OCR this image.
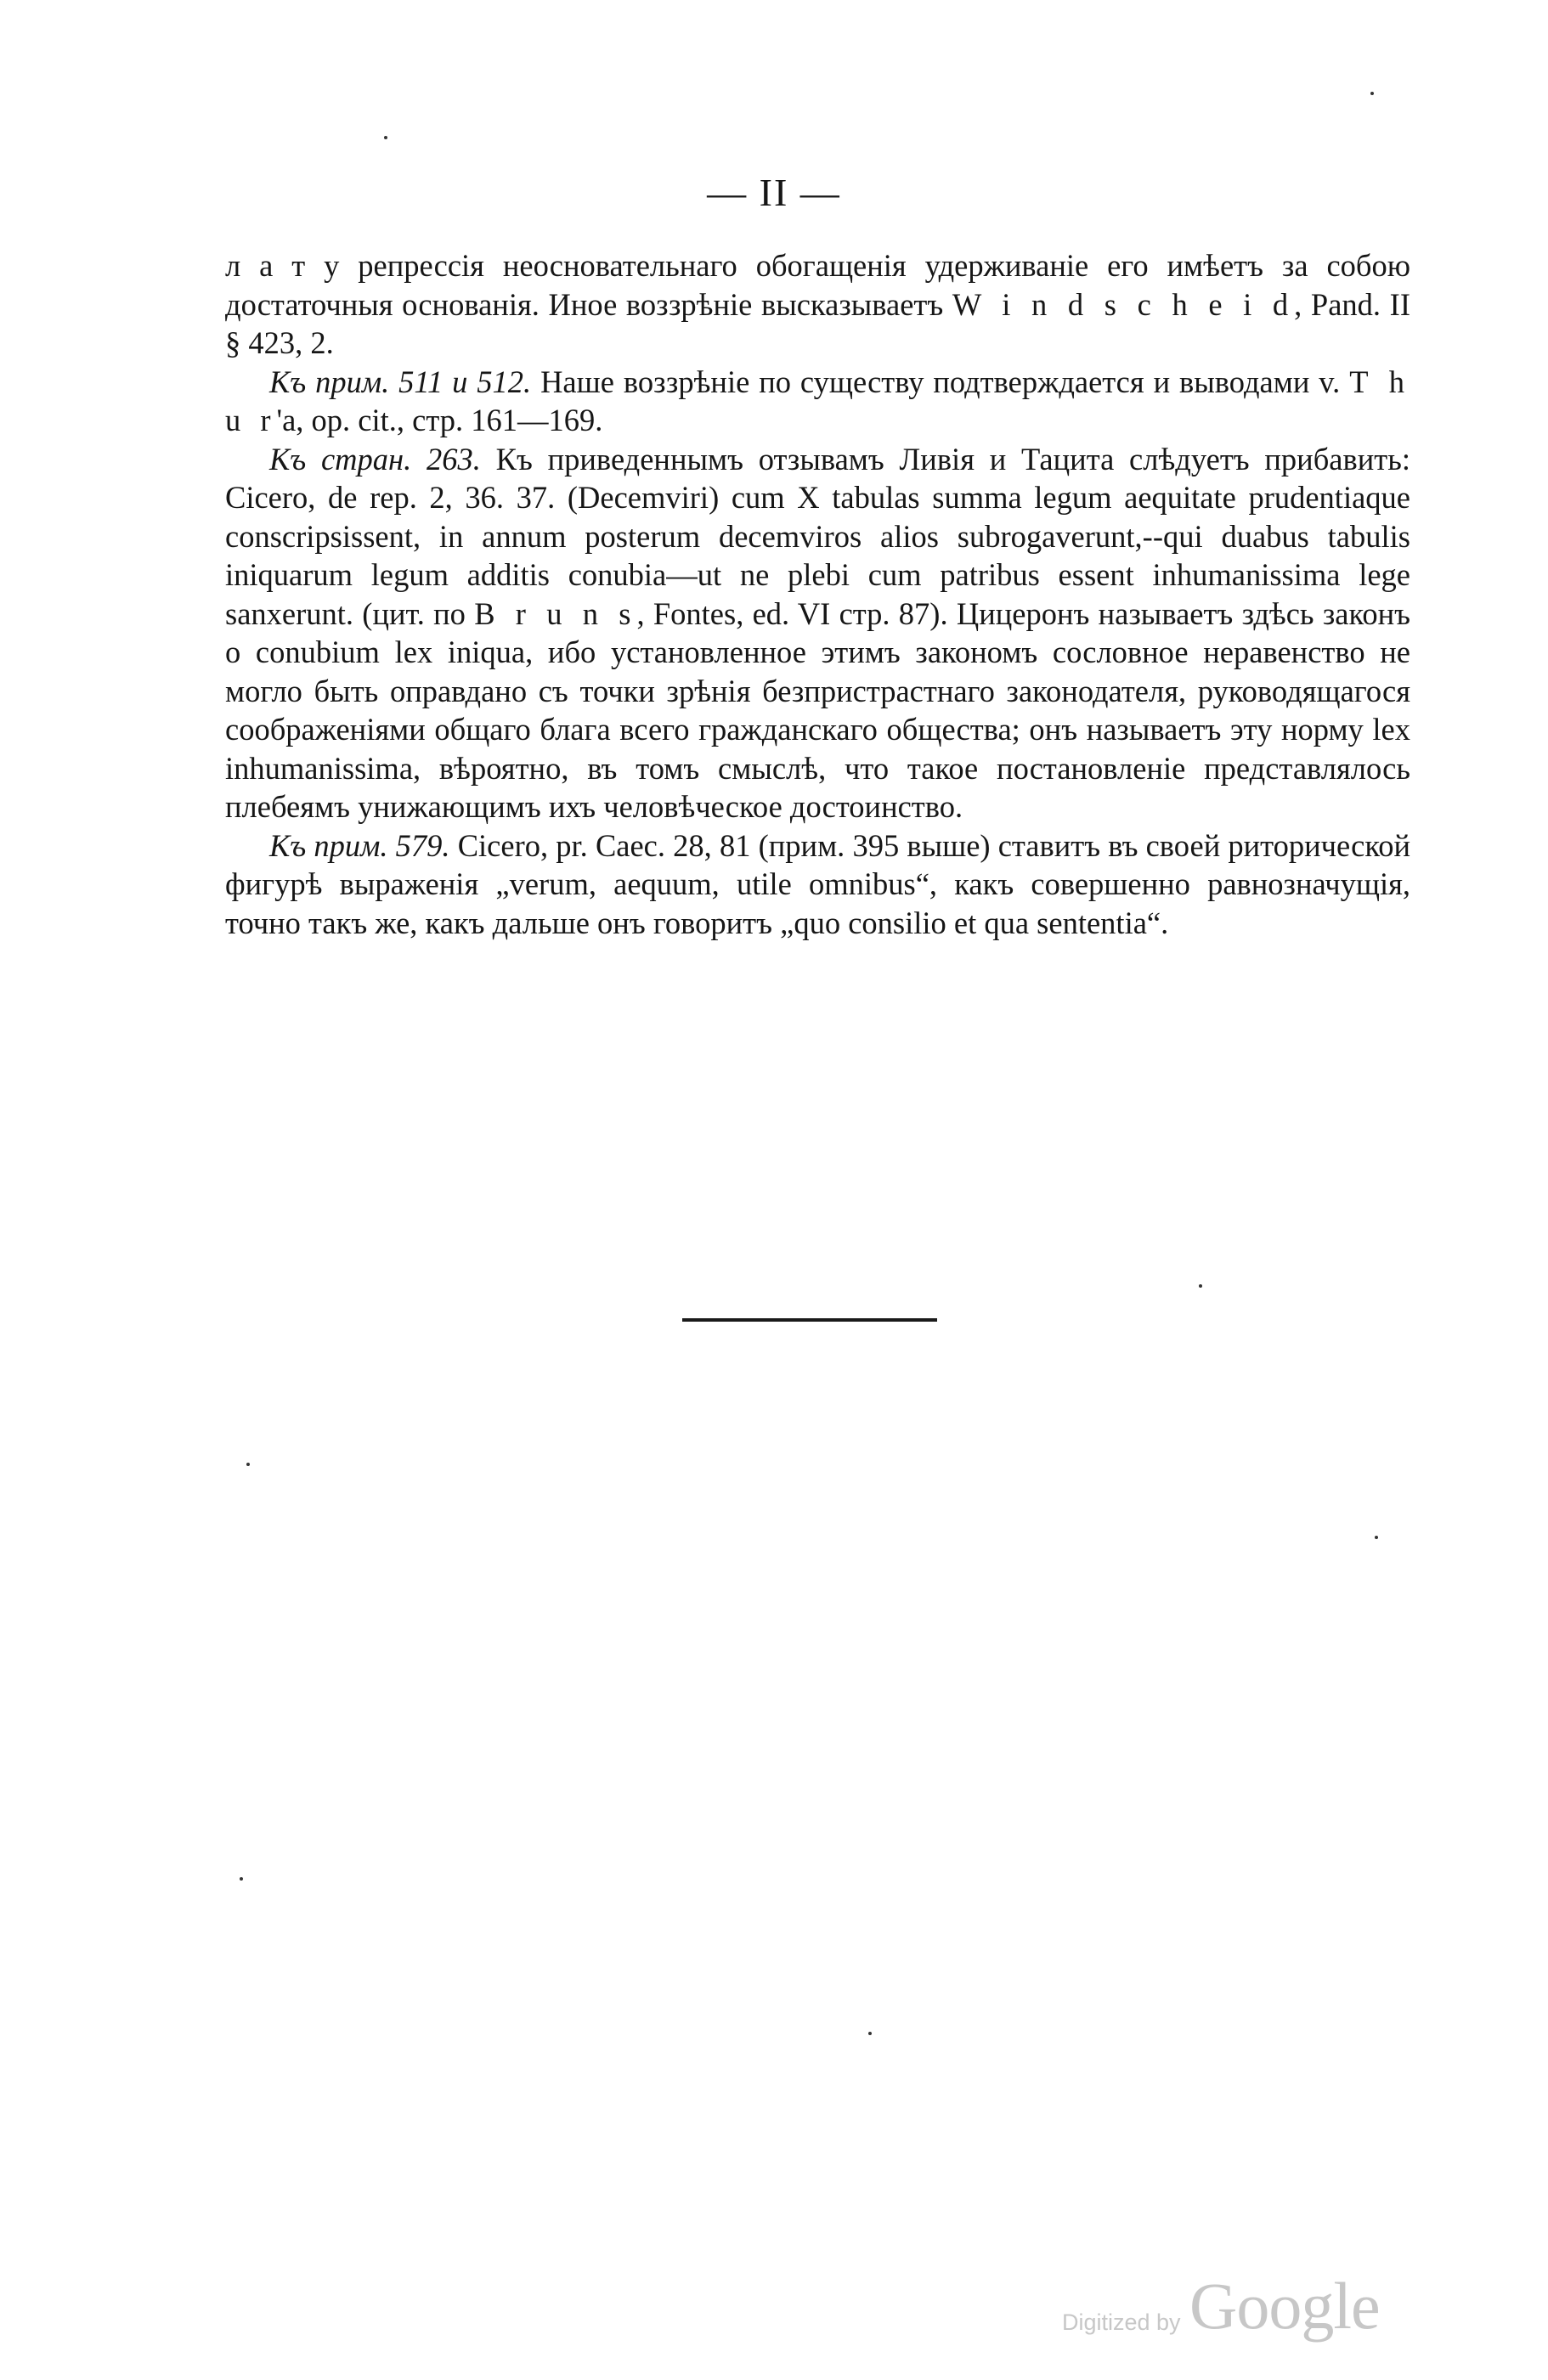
— II —

л а т у репрессія неосновательнаго обогащенія удерживаніе его имѣетъ за собою достаточныя основанія. Иное воззрѣніе высказываетъ W i n d s c h e i d, Pand. II § 423, 2.

Къ прим. 511 и 512. Наше воззрѣніе по существу подтверждается и выводами v. T h u r'a, op. cit., стр. 161—169.

Къ стран. 263. Къ приведеннымъ отзывамъ Ливія и Тацита слѣдуетъ прибавить: Cicero, de rep. 2, 36. 37. (Decemviri) cum X tabulas summa legum aequitate prudentiaque conscripsissent, in annum posterum decemviros alios subrogaverunt,--qui duabus tabulis iniquarum legum additis conubia—ut ne plebi cum patribus essent inhumanissima lege sanxerunt. (цит. по B r u n s, Fontes, ed. VI стр. 87). Цицеронъ называетъ здѣсь законъ о conubium lex iniqua, ибо установленное этимъ закономъ сословное неравенство не могло быть оправдано съ точки зрѣнія безпристрастнаго законодателя, руководящагося соображеніями общаго блага всего гражданскаго общества; онъ называетъ эту норму lex inhumanissima, вѣроятно, въ томъ смыслѣ, что такое постановленіе представлялось плебеямъ унижающимъ ихъ человѣческое достоинство.

Къ прим. 579. Cicero, pr. Caec. 28, 81 (прим. 395 выше) ставитъ въ своей риторической фигурѣ выраженія „verum, aequum, utile omnibus“, какъ совершенно равнозначущія, точно такъ же, какъ дальше онъ говоритъ „quo consilio et qua sententia“.

Digitized by Google
